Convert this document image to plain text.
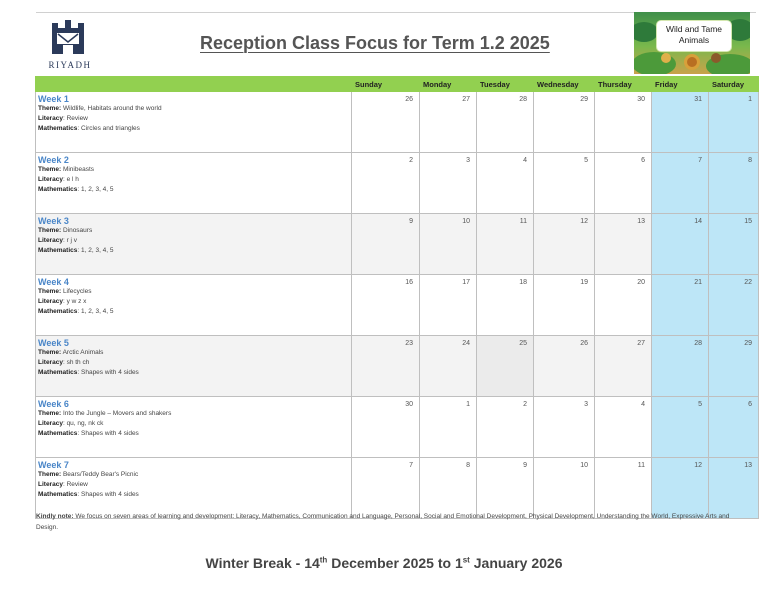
RIYADH
Reception Class Focus for Term 1.2 2025
Wild and Tame
Animals
	Sunday	Monday	Tuesday	Wednesday	Thursday	Friday	Saturday

Week 1
Theme: Wildlife, Habitats around the world
Literacy: Review
Mathematics: Circles and triangles	26	27	28	29	30	31	1

Week 2
Theme: Minibeasts
Literacy: e l h
Mathematics: 1, 2, 3, 4, 5	2	3	4	5	6	7	8

Week 3
Theme: Dinosaurs
Literacy: r j v
Mathematics: 1, 2, 3, 4, 5	9	10	11	12	13	14	15

Week 4
Theme: Lifecycles
Literacy: y w z x
Mathematics: 1, 2, 3, 4, 5	16	17	18	19	20	21	22

Week 5
Theme: Arctic Animals
Literacy: sh th ch
Mathematics: Shapes with 4 sides	23	24	25	26	27	28	29

Week 6
Theme: Into the Jungle – Movers and shakers
Literacy: qu, ng, nk ck
Mathematics: Shapes with 4 sides	30	1	2	3	4	5	6

Week 7
Theme: Bears/Teddy Bear's Picnic
Literacy: Review
Mathematics: Shapes with 4 sides	7	8	9	10	11	12	13
Kindly note: We focus on seven areas of learning and development: Literacy, Mathematics, Communication and Language, Personal, Social and Emotional Development, Physical Development, Understanding the World, Expressive Arts and Design.
Winter Break - 14th December 2025 to 1st January 2026
